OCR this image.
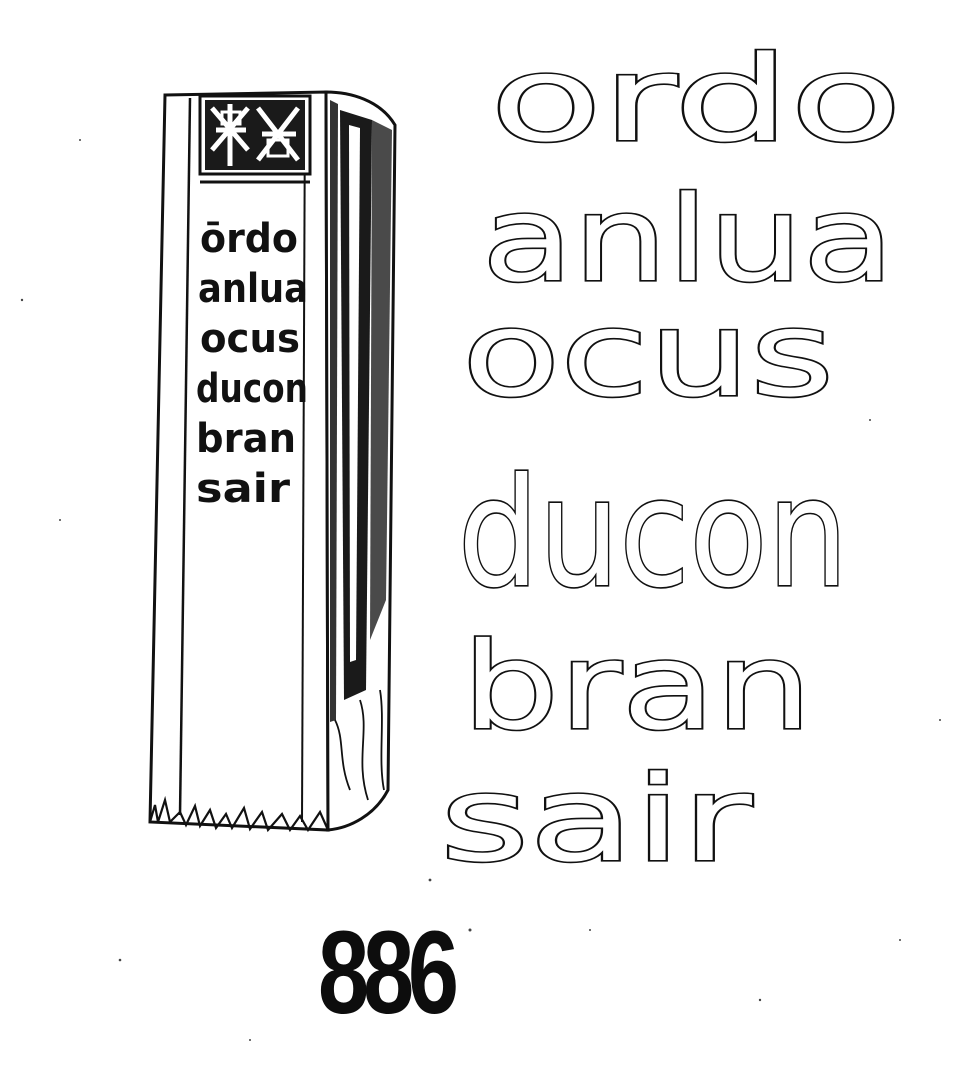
ōrdo
anlua
ocus
ducon
bran
sair
ordo
anlua
ocus
ducon
bran
sair
886
